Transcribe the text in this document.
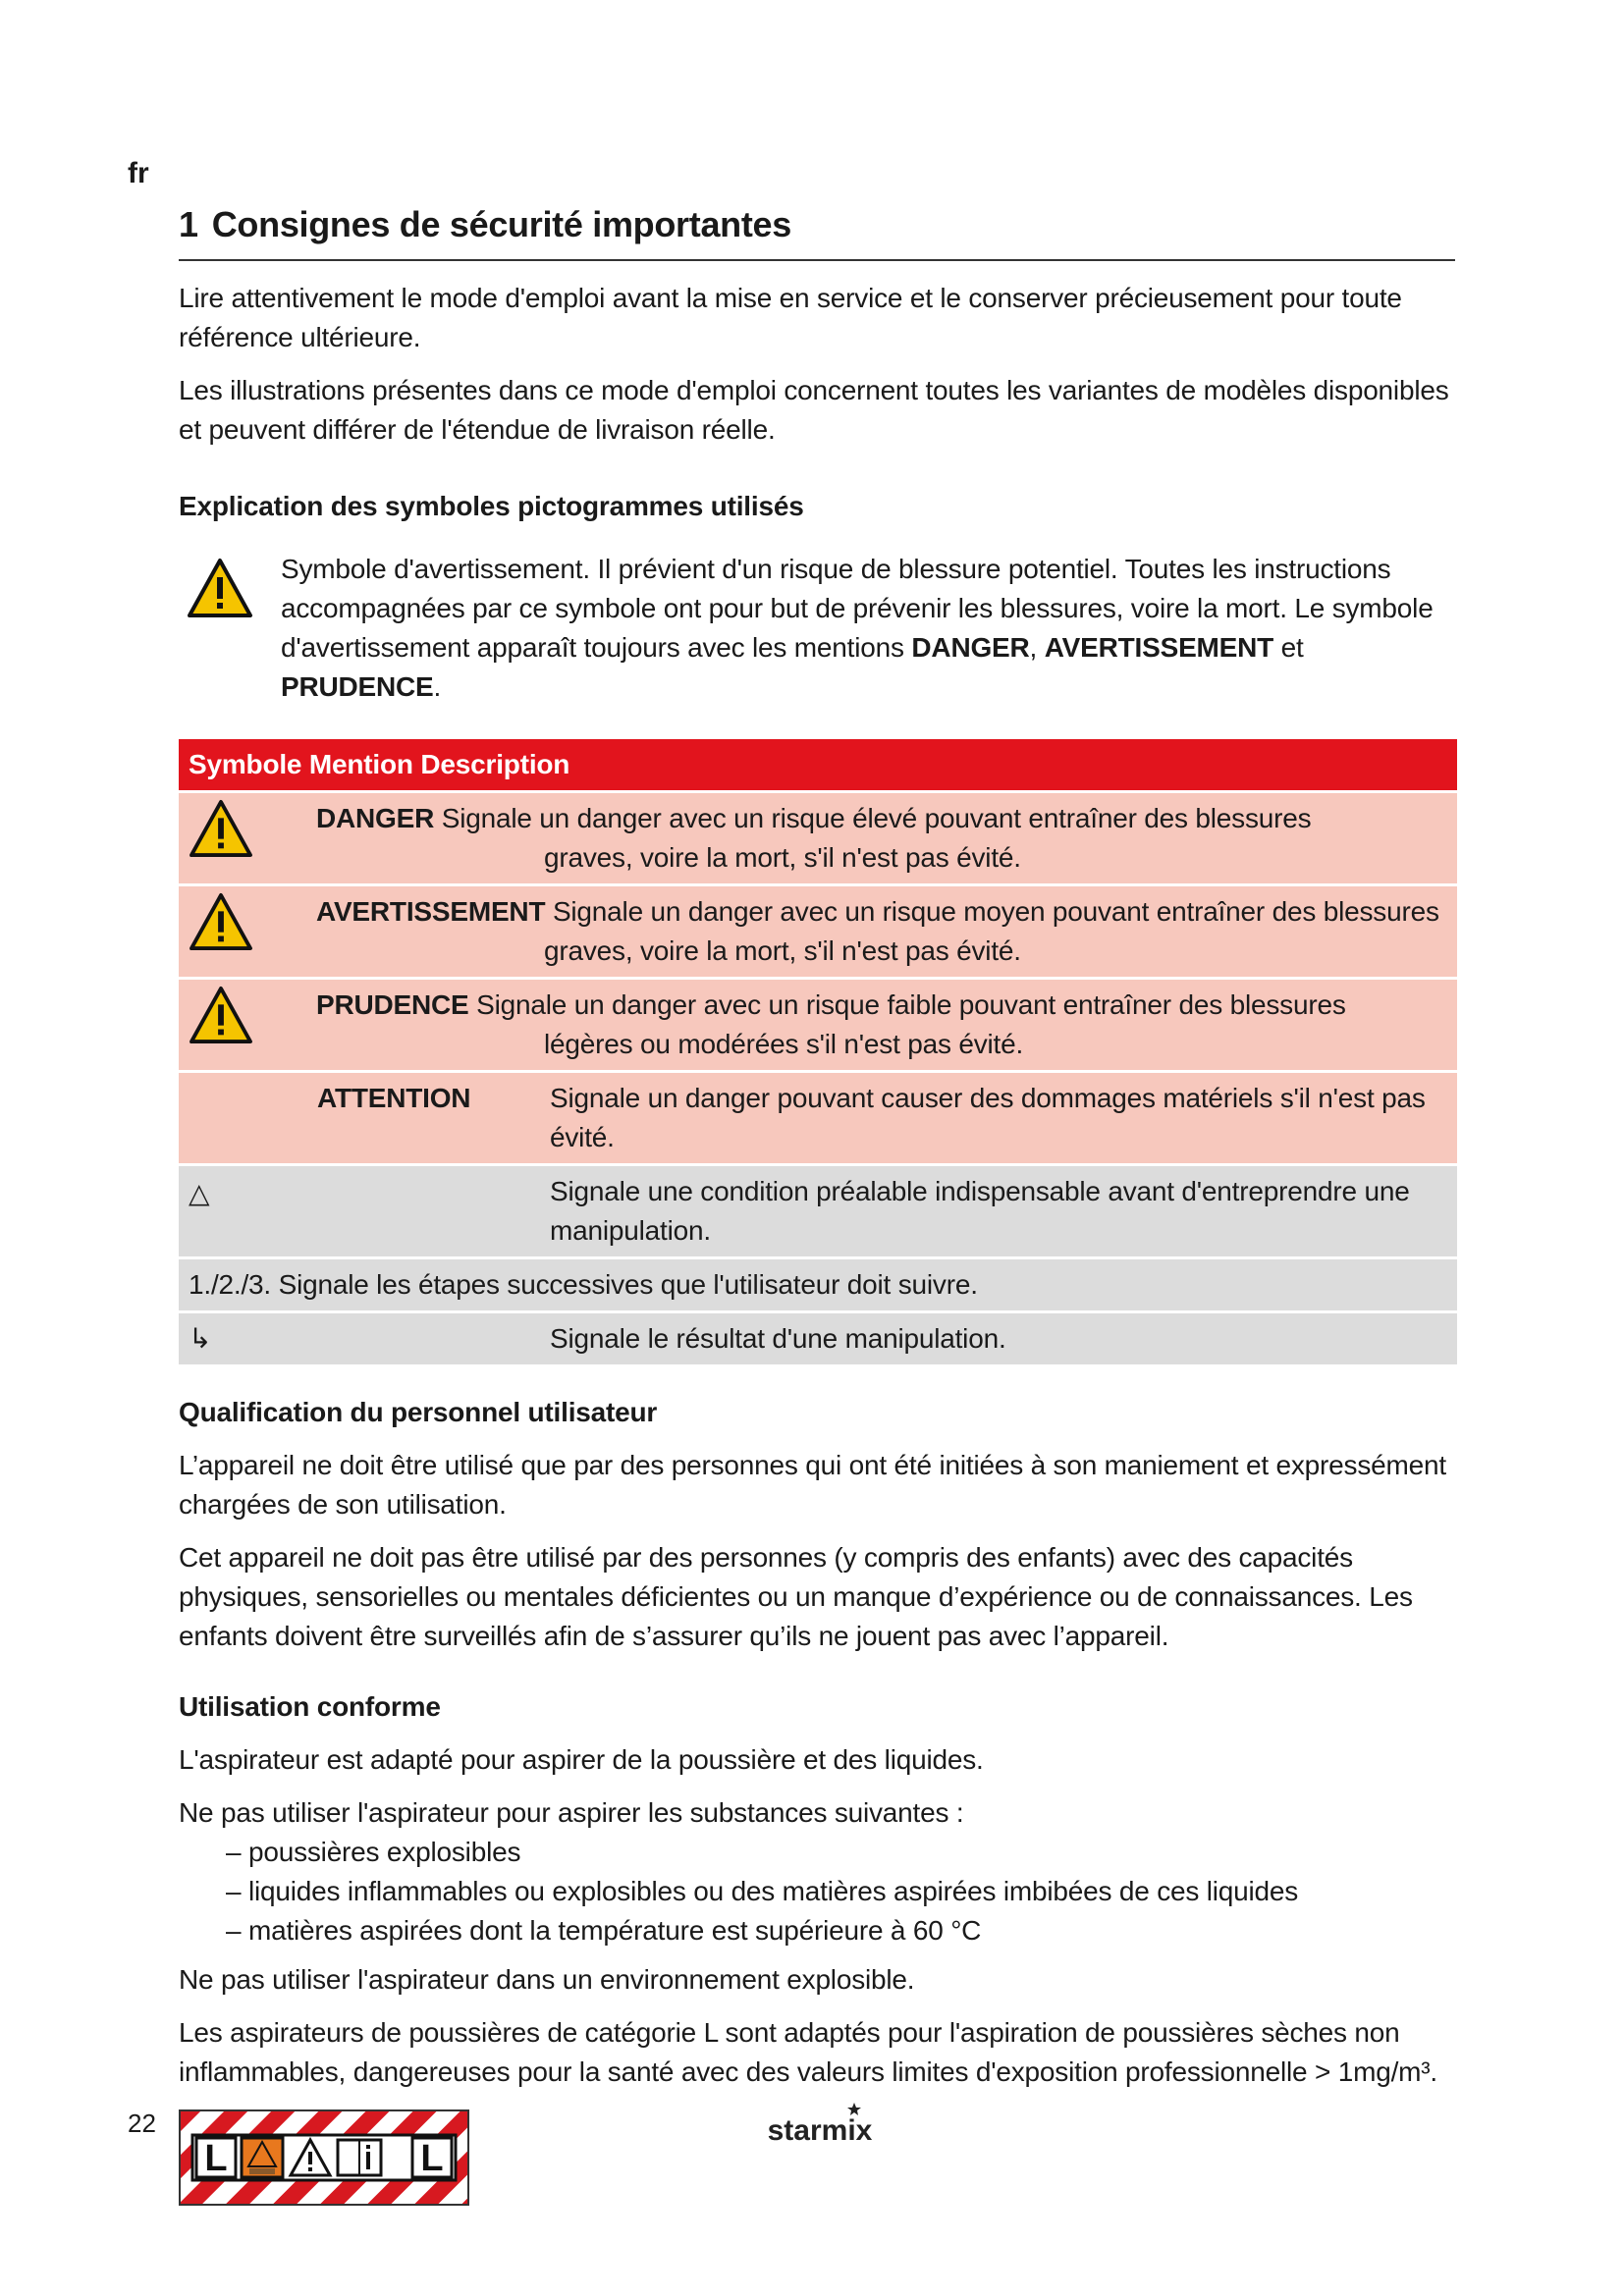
fr
1 Consignes de sécurité importantes

Lire attentivement le mode d'emploi avant la mise en service et le conserver précieusement pour toute référence ultérieure.

Les illustrations présentes dans ce mode d'emploi concernent toutes les variantes de modèles disponibles et peuvent différer de l'étendue de livraison réelle.

Explication des symboles pictogrammes utilisés

Symbole d'avertissement. Il prévient d'un risque de blessure potentiel. Toutes les instructions accompagnées par ce symbole ont pour but de prévenir les blessures, voire la mort. Le symbole d'avertissement apparaît toujours avec les mentions DANGER, AVERTISSEMENT et PRUDENCE.

Symbole Mention Description		
	DANGER Signale un danger avec un risque élevé pouvant entraîner des blessures
graves, voire la mort, s'il n'est pas évité.	
	AVERTISSEMENT Signale un danger avec un risque moyen pouvant entraîner des blessures
graves, voire la mort, s'il n'est pas évité.	
	PRUDENCE Signale un danger avec un risque faible pouvant entraîner des blessures
légères ou modérées s'il n'est pas évité.	
	ATTENTION	Signale un danger pouvant causer des dommages matériels s'il n'est pas évité.
△		Signale une condition préalable indispensable avant d'entreprendre une manipulation.
1./2./3. Signale les étapes successives que l'utilisateur doit suivre.		
↳		Signale le résultat d'une manipulation.
Qualification du personnel utilisateur

L’appareil ne doit être utilisé que par des personnes qui ont été initiées à son maniement et expressément chargées de son utilisation.

Cet appareil ne doit pas être utilisé par des personnes (y compris des enfants) avec des capacités physiques, sensorielles ou mentales déficientes ou un manque d’expérience ou de connaissances. Les enfants doivent être surveillés afin de s’assurer qu’ils ne jouent pas avec l’appareil.

Utilisation conforme

L'aspirateur est adapté pour aspirer de la poussière et des liquides.

Ne pas utiliser l'aspirateur pour aspirer les substances suivantes :

– poussières explosibles
– liquides inflammables ou explosibles ou des matières aspirées imbibées de ces liquides
– matières aspirées dont la température est supérieure à 60 °C

Ne pas utiliser l'aspirateur dans un environnement explosible.

Les aspirateurs de poussières de catégorie L sont adaptés pour l'aspiration de poussières sèches non inflammables, dangereuses pour la santé avec des valeurs limites d'exposition professionnelle > 1mg/m³.

L	L
22	starmix
